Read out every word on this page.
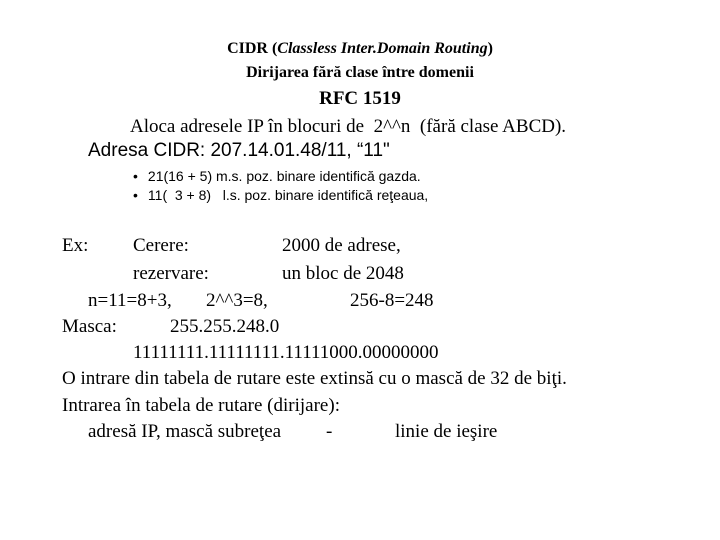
CIDR (Classless Inter.Domain Routing)
Dirijarea fără clase între domenii
RFC 1519
Aloca adresele IP în blocuri de  2^^n  (fără clase ABCD).
Adresa CIDR: 207.14.01.48/11, “11"
• 21(16 + 5) m.s. poz. binare identifică gazda.
• 11(  3 + 8)   l.s. poz. binare identifică reţeaua,
Ex: Cerere:	2000 de adrese,
rezervare:	un bloc de 2048
n=11=8+3, 2^^3=8,	256-8=248
Masca:	255.255.248.0
11111111.11111111.11111000.00000000
O intrare din tabela de rutare este extinsă cu o mască de 32 de biţi.
Intrarea în tabela de rutare (dirijare):
adresă IP, mască subreţea -	linie de ieşire
